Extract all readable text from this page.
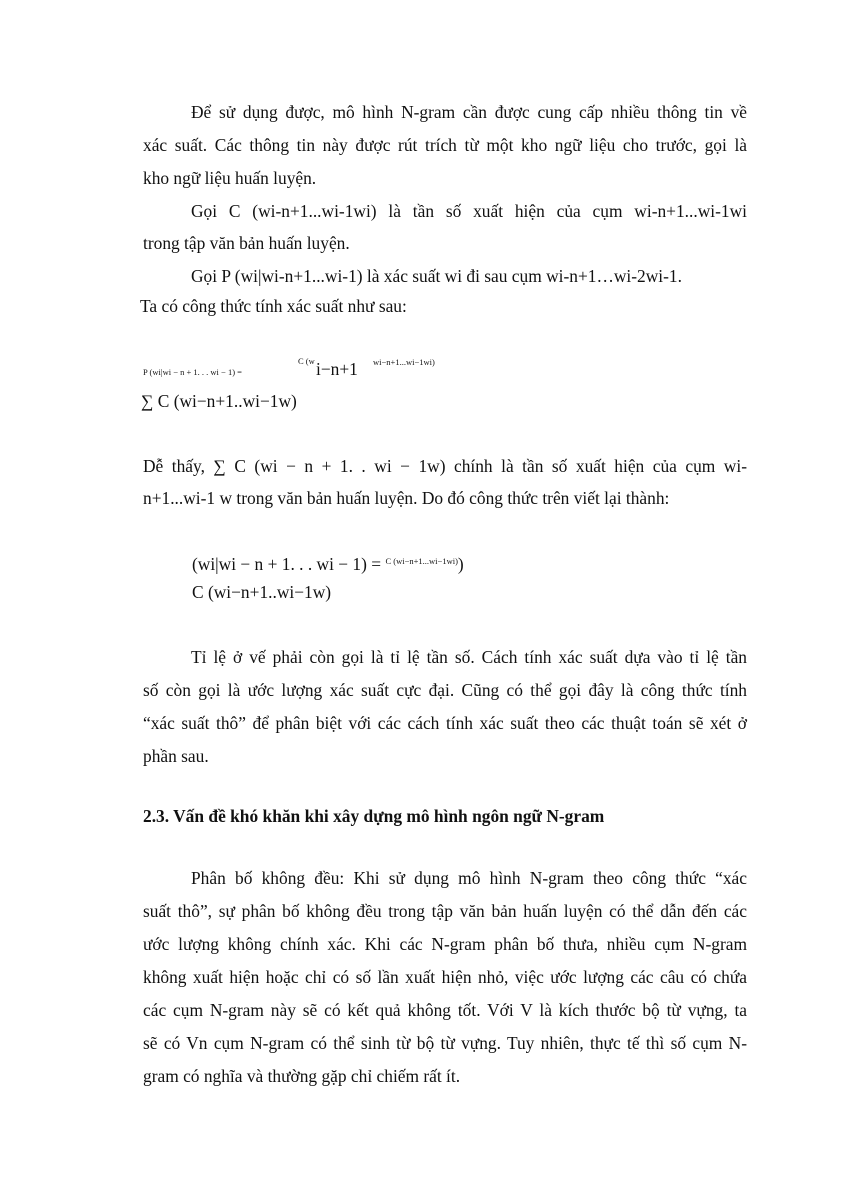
Để sử dụng được, mô hình N-gram cần được cung cấp nhiều thông tin về
xác suất. Các thông tin này được rút trích từ một kho ngữ liệu cho trước, gọi là
kho ngữ liệu huấn luyện.
Gọi C (wi-n+1...wi-1wi) là tần số xuất hiện của cụm wi-n+1...wi-1wi
trong tập văn bản huấn luyện.
Gọi P (wi|wi-n+1...wi-1) là xác suất wi đi sau cụm wi-n+1…wi-2wi-1.
Ta có công thức tính xác suất như sau:
P (wi|wi − n + 1. . . wi − 1) =
C (w i−n+1 wi−n+1...wi−1wi)
∑ C (wi−n+1..wi−1w)
Dễ thấy, ∑ C (wi − n + 1. . wi − 1w) chính là tần số xuất hiện của cụm wi-
n+1...wi-1 w trong văn bản huấn luyện. Do đó công thức trên viết lại thành:
(wi|wi − n + 1. . . wi − 1) = $^{C (wi-n+1...wi-1wi)}$)
C (wi−n+1..wi−1w)
Tỉ lệ ở vế phải còn gọi là tỉ lệ tần số. Cách tính xác suất dựa vào tỉ lệ tần
số còn gọi là ước lượng xác suất cực đại. Cũng có thể gọi đây là công thức tính
“xác suất thô” để phân biệt với các cách tính xác suất theo các thuật toán sẽ xét ở
phần sau.
2.3. Vấn đề khó khăn khi xây dựng mô hình ngôn ngữ N-gram
Phân bố không đều: Khi sử dụng mô hình N-gram theo công thức “xác
suất thô”, sự phân bố không đều trong tập văn bản huấn luyện có thể dẫn đến các
ước lượng không chính xác. Khi các N-gram phân bố thưa, nhiều cụm N-gram
không xuất hiện hoặc chỉ có số lần xuất hiện nhỏ, việc ước lượng các câu có chứa
các cụm N-gram này sẽ có kết quả không tốt. Với V là kích thước bộ từ vựng, ta
sẽ có Vn cụm N-gram có thể sinh từ bộ từ vựng. Tuy nhiên, thực tế thì số cụm N-
gram có nghĩa và thường gặp chỉ chiếm rất ít.
